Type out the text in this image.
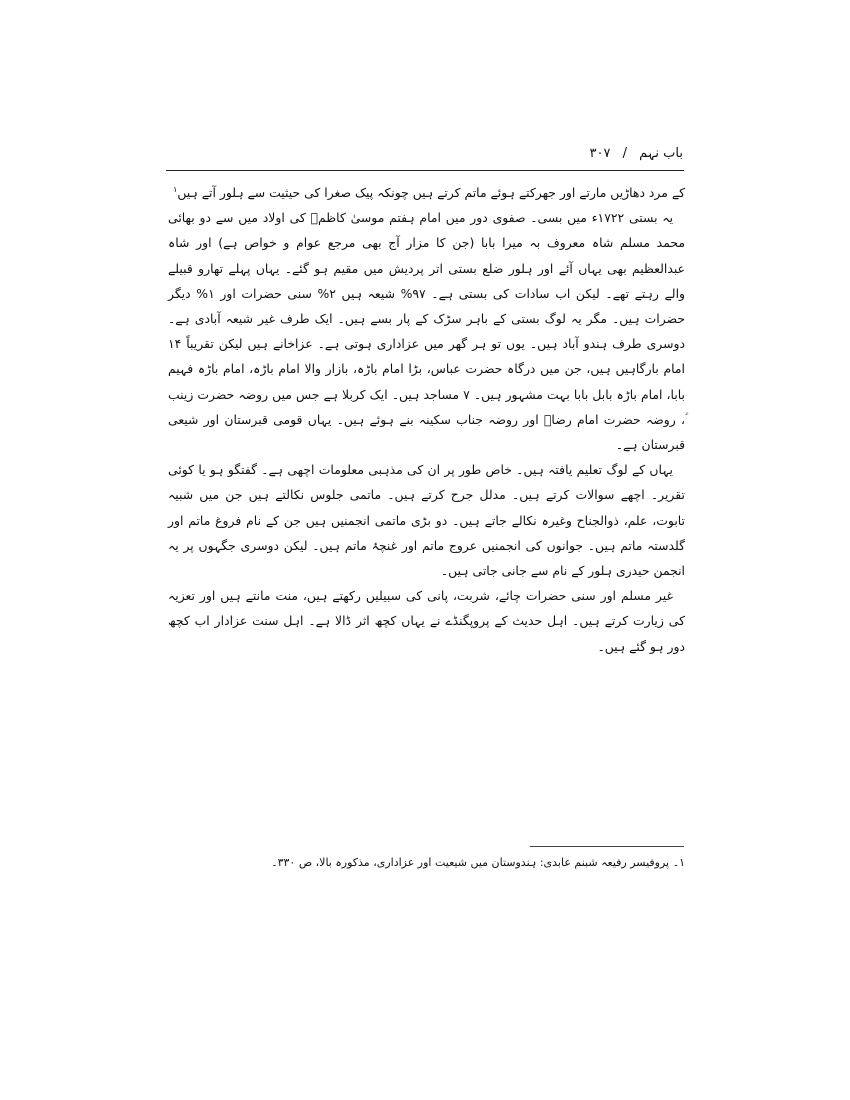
باب نہم / ۳۰۷

کے مرد دھاڑیں مارتے اور جھرکتے ہوئے ماتم کرتے ہیں چونکہ پیک صغرا کی حیثیت سے ہلور آتے ہیں$^۱$

یہ بستی ۱۷۲۲ء میں بسی۔ صفوی دور میں امام ہفتم موسیٰ کاظمؑ کی اولاد میں سے دو بھائی محمد مسلم شاہ معروف بہ میرا بابا (جن کا مزار آج بھی مرجع عوام و خواص ہے) اور شاہ عبدالعظیم بھی یہاں آئے اور ہلور ضلع بستی اتر پردیش میں مقیم ہو گئے۔ یہاں پہلے تھارو قبیلے والے رہتے تھے۔ لیکن اب سادات کی بستی ہے۔ ۹۷% شیعہ ہیں ۲% سنی حضرات اور ۱% دیگر حضرات ہیں۔ مگر یہ لوگ بستی کے باہر سڑک کے پار بسے ہیں۔ ایک طرف غیر شیعہ آبادی ہے۔ دوسری طرف ہندو آباد ہیں۔ یوں تو ہر گھر میں عزاداری ہوتی ہے۔ عزاخانے ہیں لیکن تقریباً ۱۴ امام بارگاہیں ہیں، جن میں درگاہ حضرت عباس، بڑا امام باڑہ، بازار والا امام باڑہ، امام باڑہ فہیم بابا، امام باڑہ بابل بابا بہت مشہور ہیں۔ ۷ مساجد ہیں۔ ایک کربلا ہے جس میں روضہ حضرت زینب ؑ، روضہ حضرت امام رضاؑ اور روضہ جناب سکینہ بنے ہوئے ہیں۔ یہاں قومی قبرستان اور شیعی قبرستان ہے۔

یہاں کے لوگ تعلیم یافتہ ہیں۔ خاص طور پر ان کی مذہبی معلومات اچھی ہے۔ گفتگو ہو یا کوئی تقریر۔ اچھے سوالات کرتے ہیں۔ مدلل جرح کرتے ہیں۔ ماتمی جلوس نکالتے ہیں جن میں شبیہ تابوت، علم، ذوالجناح وغیرہ نکالے جاتے ہیں۔ دو بڑی ماتمی انجمنیں ہیں جن کے نام فروغ ماتم اور گلدستہ ماتم ہیں۔ جوانوں کی انجمنیں عروج ماتم اور غنچۂ ماتم ہیں۔ لیکن دوسری جگہوں پر یہ انجمن حیدری ہلور کے نام سے جانی جاتی ہیں۔

غیر مسلم اور سنی حضرات چائے، شربت، پانی کی سبیلیں رکھتے ہیں، منت مانتے ہیں اور تعزیہ کی زیارت کرتے ہیں۔ اہل حدیث کے پروپگنڈے نے یہاں کچھ اثر ڈالا ہے۔ اہل سنت عزادار اب کچھ دور ہو گئے ہیں۔

۱۔ پروفیسر رفیعہ شبنم عابدی: ہندوستان میں شیعیت اور عزاداری، مذکورہ بالا، ص ۳۳۰۔
